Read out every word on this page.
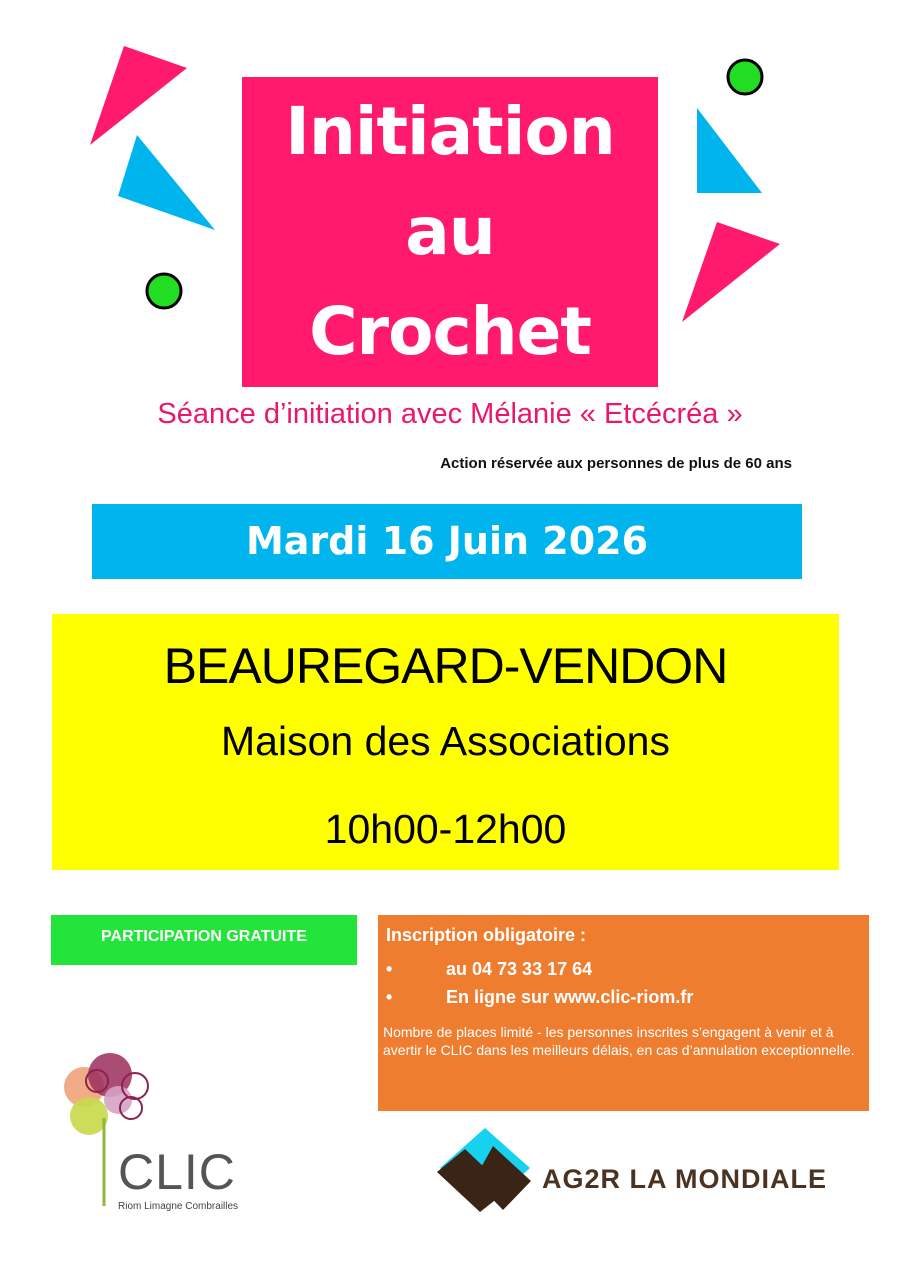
Initiation
au
Crochet
Séance d’initiation avec Mélanie « Etcécréa »
Action réservée aux personnes de plus de 60 ans
Mardi 16 Juin 2026
BEAUREGARD-VENDON
Maison des Associations
10h00-12h00
PARTICIPATION GRATUITE	Inscription obligatoire :
•	au 04 73 33 17 64
•	En ligne sur www.clic-riom.fr
Nombre de places limité - les personnes inscrites s’engagent à venir et à avertir le CLIC dans les meilleurs délais, en cas d’annulation exceptionnelle.
CLIC
Riom Limagne Combrailles
AG2R LA MONDIALE
